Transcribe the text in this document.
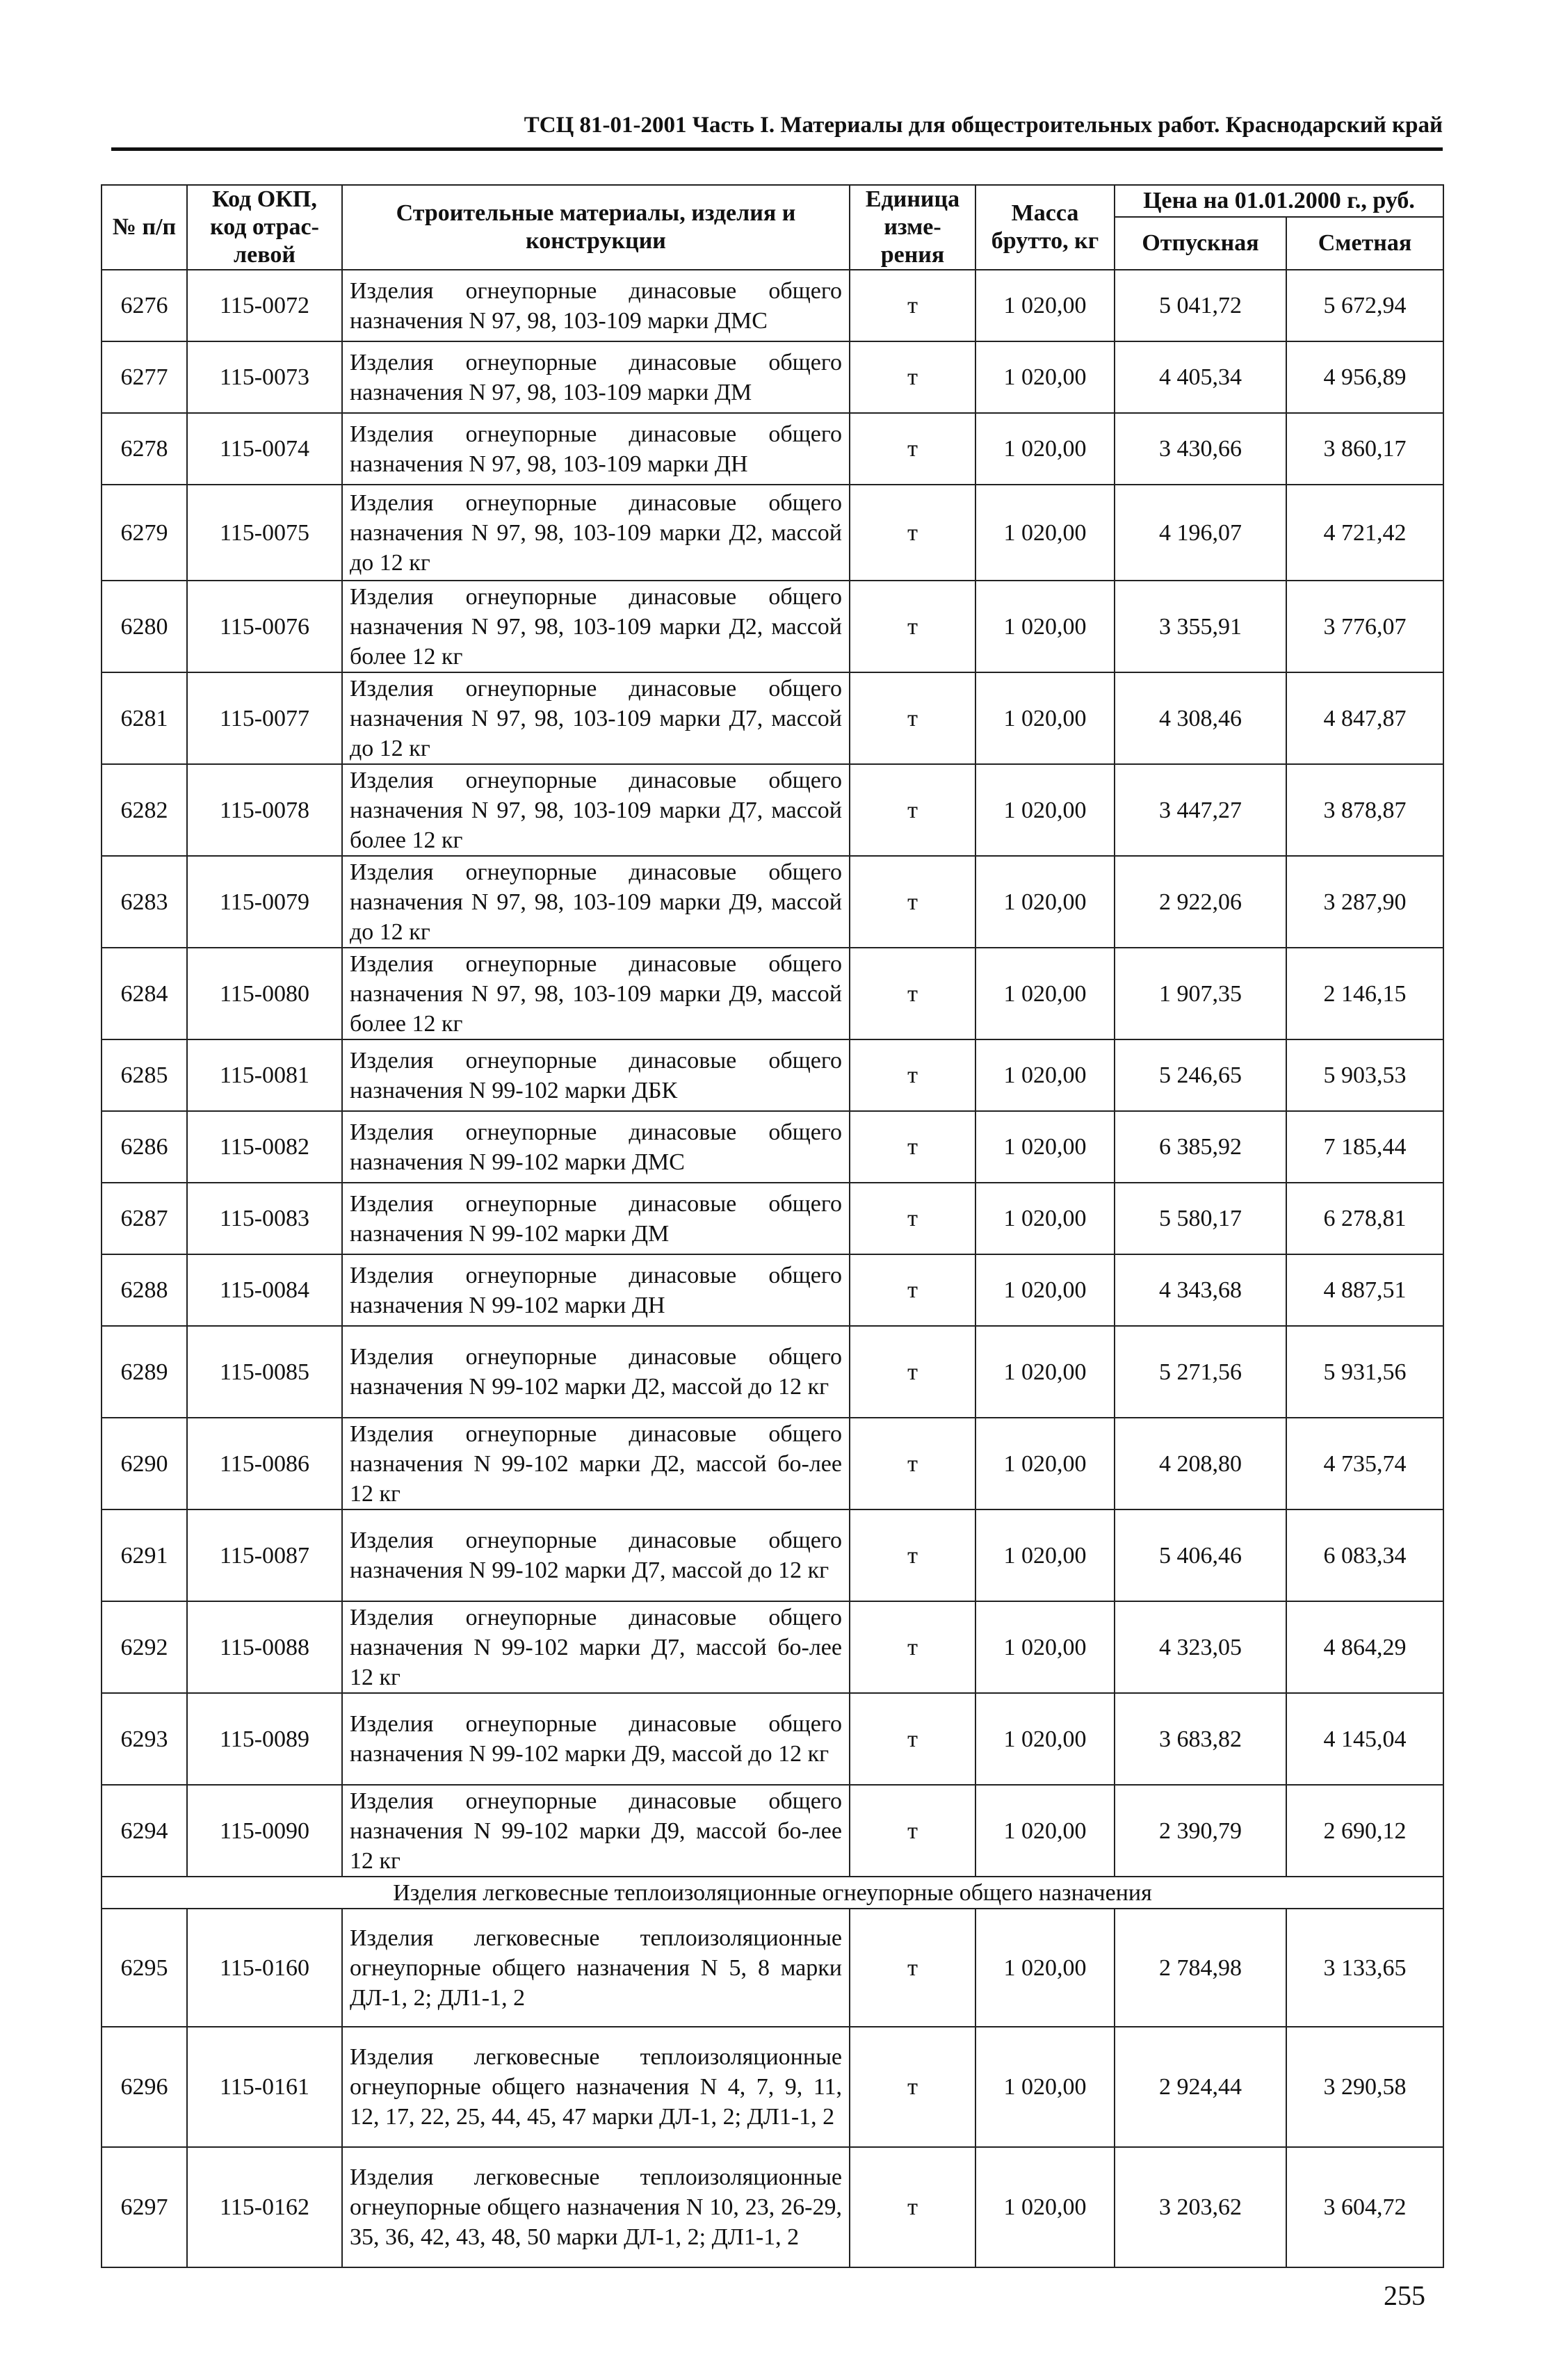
ТСЦ 81-01-2001 Часть I. Материалы для общестроительных работ. Краснодарский край
№ п/п	Код ОКП, код отрас-левой	Строительные материалы, изделия и конструкции	Единица изме-рения	Масса брутто, кг	Цена на 01.01.2000 г., руб.	
					Отпускная	Сметная
6276	115-0072	Изделия огнеупорные динасовые общего назначения N 97, 98, 103-109 марки ДМС	т	1 020,00	5 041,72	5 672,94
6277	115-0073	Изделия огнеупорные динасовые общего назначения N 97, 98, 103-109 марки ДМ	т	1 020,00	4 405,34	4 956,89
6278	115-0074	Изделия огнеупорные динасовые общего назначения N 97, 98, 103-109 марки ДН	т	1 020,00	3 430,66	3 860,17
6279	115-0075	Изделия огнеупорные динасовые общего назначения N 97, 98, 103-109 марки Д2, массой до 12 кг	т	1 020,00	4 196,07	4 721,42
6280	115-0076	Изделия огнеупорные динасовые общего назначения N 97, 98, 103-109 марки Д2, массой более 12 кг	т	1 020,00	3 355,91	3 776,07
6281	115-0077	Изделия огнеупорные динасовые общего назначения N 97, 98, 103-109 марки Д7, массой до 12 кг	т	1 020,00	4 308,46	4 847,87
6282	115-0078	Изделия огнеупорные динасовые общего назначения N 97, 98, 103-109 марки Д7, массой более 12 кг	т	1 020,00	3 447,27	3 878,87
6283	115-0079	Изделия огнеупорные динасовые общего назначения N 97, 98, 103-109 марки Д9, массой до 12 кг	т	1 020,00	2 922,06	3 287,90
6284	115-0080	Изделия огнеупорные динасовые общего назначения N 97, 98, 103-109 марки Д9, массой более 12 кг	т	1 020,00	1 907,35	2 146,15
6285	115-0081	Изделия огнеупорные динасовые общего назначения N 99-102 марки ДБК	т	1 020,00	5 246,65	5 903,53
6286	115-0082	Изделия огнеупорные динасовые общего назначения N 99-102 марки ДМС	т	1 020,00	6 385,92	7 185,44
6287	115-0083	Изделия огнеупорные динасовые общего назначения N 99-102 марки ДМ	т	1 020,00	5 580,17	6 278,81
6288	115-0084	Изделия огнеупорные динасовые общего назначения N 99-102 марки ДН	т	1 020,00	4 343,68	4 887,51
6289	115-0085	Изделия огнеупорные динасовые общего назначения N 99-102 марки Д2, массой до 12 кг	т	1 020,00	5 271,56	5 931,56
6290	115-0086	Изделия огнеупорные динасовые общего назначения N 99-102 марки Д2, массой бо-лее 12 кг	т	1 020,00	4 208,80	4 735,74
6291	115-0087	Изделия огнеупорные динасовые общего назначения N 99-102 марки Д7, массой до 12 кг	т	1 020,00	5 406,46	6 083,34
6292	115-0088	Изделия огнеупорные динасовые общего назначения N 99-102 марки Д7, массой бо-лее 12 кг	т	1 020,00	4 323,05	4 864,29
6293	115-0089	Изделия огнеупорные динасовые общего назначения N 99-102 марки Д9, массой до 12 кг	т	1 020,00	3 683,82	4 145,04
6294	115-0090	Изделия огнеупорные динасовые общего назначения N 99-102 марки Д9, массой бо-лее 12 кг	т	1 020,00	2 390,79	2 690,12
Изделия легковесные теплоизоляционные огнеупорные общего назначения						
6295	115-0160	Изделия легковесные теплоизоляционные огнеупорные общего назначения N 5, 8 марки ДЛ-1, 2; ДЛ1-1, 2	т	1 020,00	2 784,98	3 133,65
6296	115-0161	Изделия легковесные теплоизоляционные огнеупорные общего назначения N 4, 7, 9, 11, 12, 17, 22, 25, 44, 45, 47 марки ДЛ-1, 2; ДЛ1-1, 2	т	1 020,00	2 924,44	3 290,58
6297	115-0162	Изделия легковесные теплоизоляционные огнеупорные общего назначения N 10, 23, 26-29, 35, 36, 42, 43, 48, 50 марки ДЛ-1, 2; ДЛ1-1, 2	т	1 020,00	3 203,62	3 604,72
255
